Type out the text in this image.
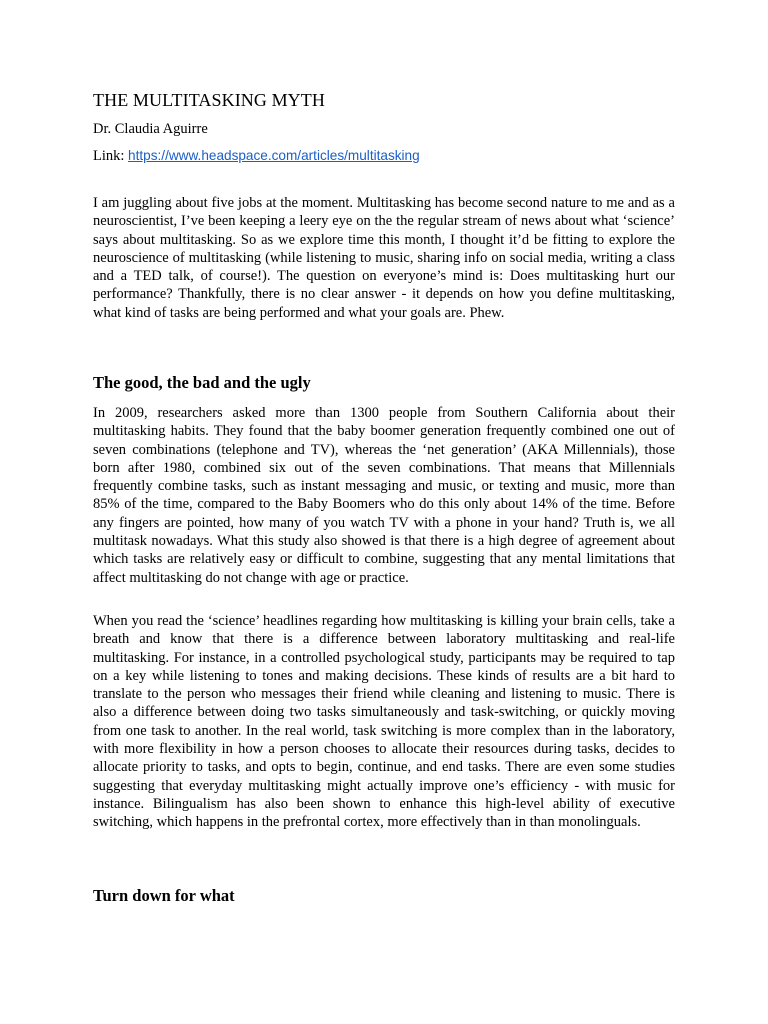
THE MULTITASKING MYTH
Dr. Claudia Aguirre
Link: https://www.headspace.com/articles/multitasking

I am juggling about five jobs at the moment. Multitasking has become second nature to me and as a neuroscientist, I’ve been keeping a leery eye on the the regular stream of news about what ‘science’ says about multitasking. So as we explore time this month, I thought it’d be fitting to explore the neuroscience of multitasking (while listening to music, sharing info on social media, writing a class and a TED talk, of course!). The question on everyone’s mind is: Does multitasking hurt our performance? Thankfully, there is no clear answer - it depends on how you define multitasking, what kind of tasks are being performed and what your goals are. Phew.

The good, the bad and the ugly

In 2009, researchers asked more than 1300 people from Southern California about their multitasking habits. They found that the baby boomer generation frequently combined one out of seven combinations (telephone and TV), whereas the ‘net generation’ (AKA Millennials), those born after 1980, combined six out of the seven combinations. That means that Millennials frequently combine tasks, such as instant messaging and music, or texting and music, more than 85% of the time, compared to the Baby Boomers who do this only about 14% of the time. Before any fingers are pointed, how many of you watch TV with a phone in your hand? Truth is, we all multitask nowadays. What this study also showed is that there is a high degree of agreement about which tasks are relatively easy or difficult to combine, suggesting that any mental limitations that affect multitasking do not change with age or practice.

When you read the ‘science’ headlines regarding how multitasking is killing your brain cells, take a breath and know that there is a difference between laboratory multitasking and real-life multitasking. For instance, in a controlled psychological study, participants may be required to tap on a key while listening to tones and making decisions. These kinds of results are a bit hard to translate to the person who messages their friend while cleaning and listening to music. There is also a difference between doing two tasks simultaneously and task-switching, or quickly moving from one task to another. In the real world, task switching is more complex than in the laboratory, with more flexibility in how a person chooses to allocate their resources during tasks, decides to allocate priority to tasks, and opts to begin, continue, and end tasks. There are even some studies suggesting that everyday multitasking might actually improve one’s efficiency - with music for instance. Bilingualism has also been shown to enhance this high-level ability of executive switching, which happens in the prefrontal cortex, more effectively than in than monolinguals.

Turn down for what
